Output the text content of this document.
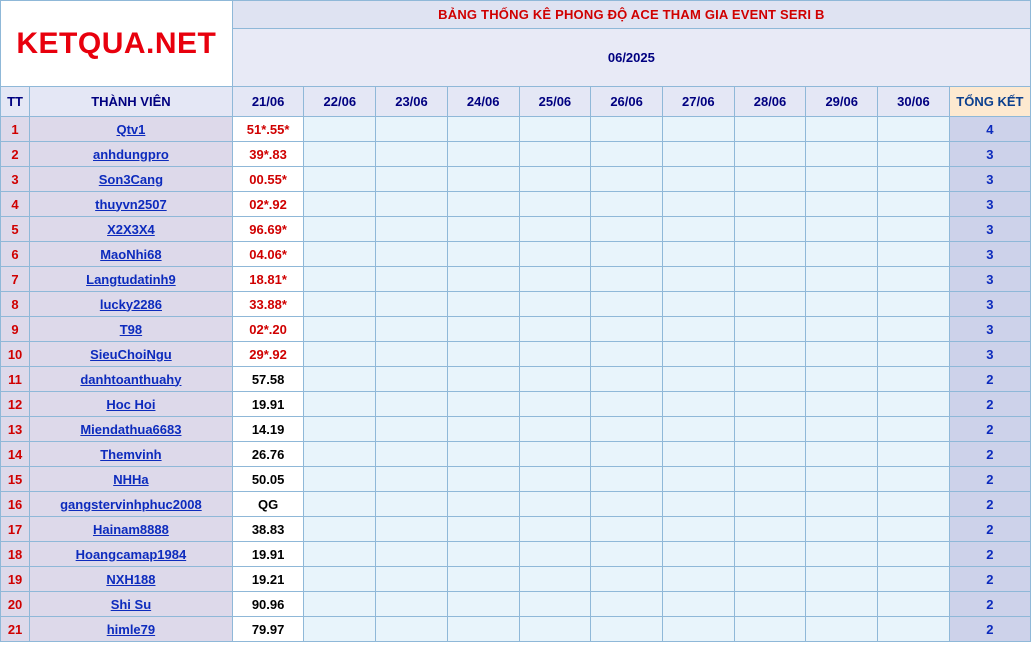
KETQUA.NET		BẢNG THỐNG KÊ PHONG ĐỘ ACE THAM GIA EVENT SERI B										
		06/2025										
TT	THÀNH VIÊN	21/06	22/06	23/06	24/06	25/06	26/06	27/06	28/06	29/06	30/06	TỔNG KẾT
1	Qtv1	51*.55*										4
2	anhdungpro	39*.83										3
3	Son3Cang	00.55*										3
4	thuyvn2507	02*.92										3
5	X2X3X4	96.69*										3
6	MaoNhi68	04.06*										3
7	Langtudatinh9	18.81*										3
8	lucky2286	33.88*										3
9	T98	02*.20										3
10	SieuChoiNgu	29*.92										3
11	danhtoanthuahy	57.58										2
12	Hoc Hoi	19.91										2
13	Miendathua6683	14.19										2
14	Themvinh	26.76										2
15	NHHa	50.05										2
16	gangstervinhphuc2008	QG										2
17	Hainam8888	38.83										2
18	Hoangcamap1984	19.91										2
19	NXH188	19.21										2
20	Shi Su	90.96										2
21	himle79	79.97										2
